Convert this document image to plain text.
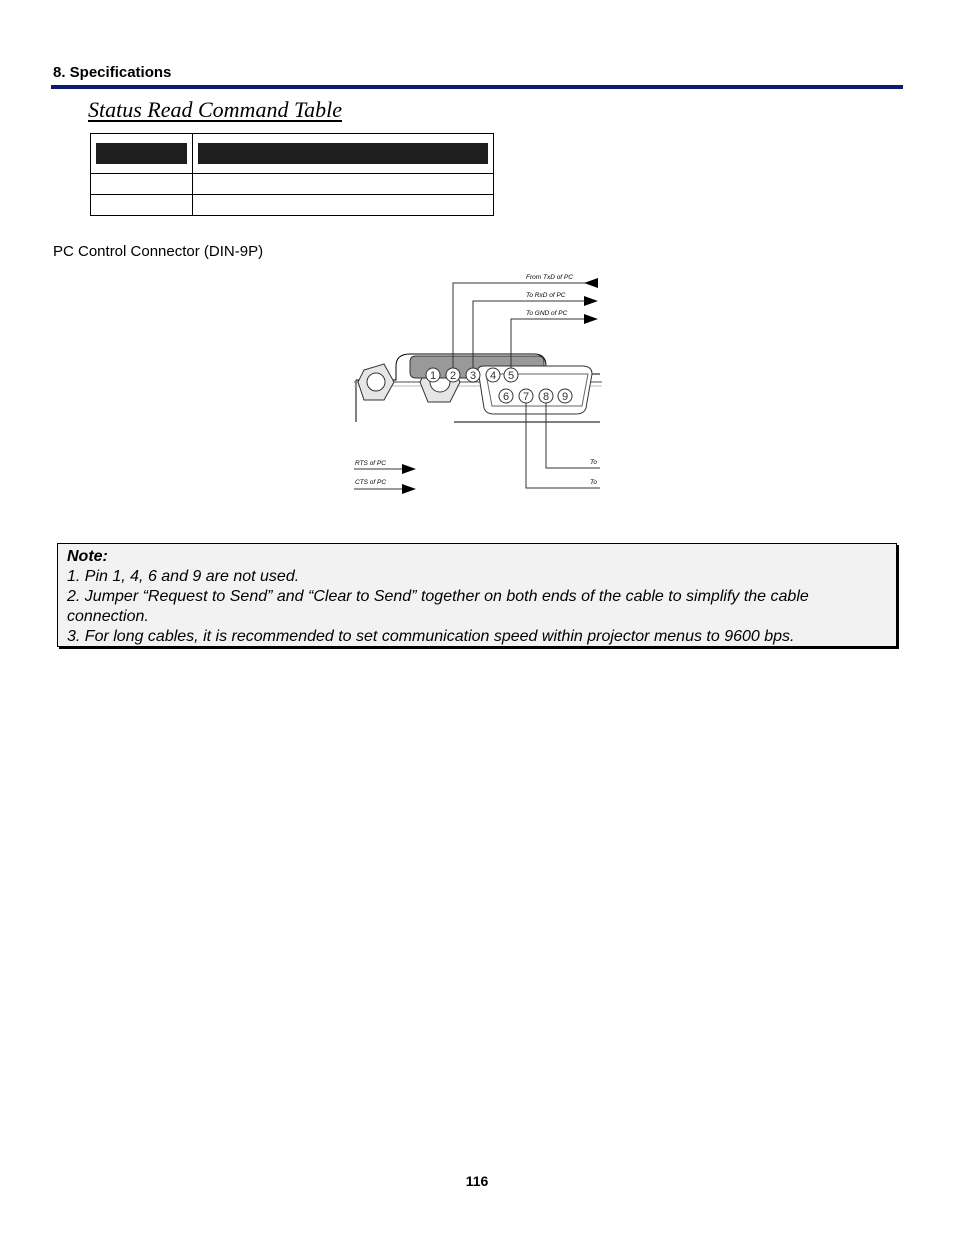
8. Specifications
Status Read Command Table

PC Control Connector (DIN-9P)
1 2 3 4 5
6 7 8 9
From TxD of PC
To RxD of PC
To GND of PC
To
To
RTS of PC
CTS of PC
Note:
1. Pin 1, 4, 6 and 9 are not used.
2. Jumper “Request to Send” and “Clear to Send” together on both ends of the cable to simplify the cable connection.
3. For long cables, it is recommended to set communication speed within projector menus to 9600 bps.
116
